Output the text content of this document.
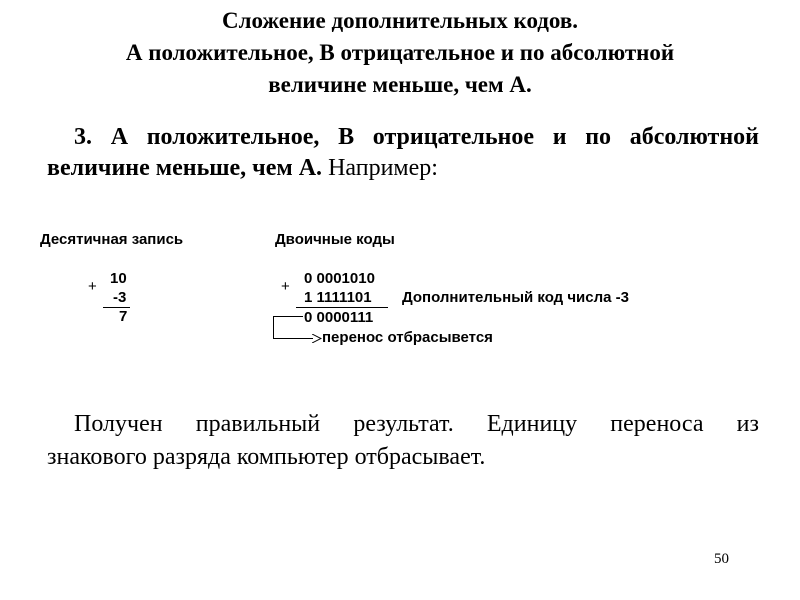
Сложение дополнительных кодов.
А положительное, В отрицательное и по абсолютной
величине меньше, чем А.
3. А положительное, В отрицательное и по абсолютной
величине меньше, чем А. Например:
Десятичная запись	Двоичные коды
+ 10
-3
7
+ 0 0001010
1 1111101 Дополнительный код числа -3
0 0000111
перенос отбрасывется
Получен правильный результат. Единицу переноса из
знакового разряда компьютер отбрасывает.
50
